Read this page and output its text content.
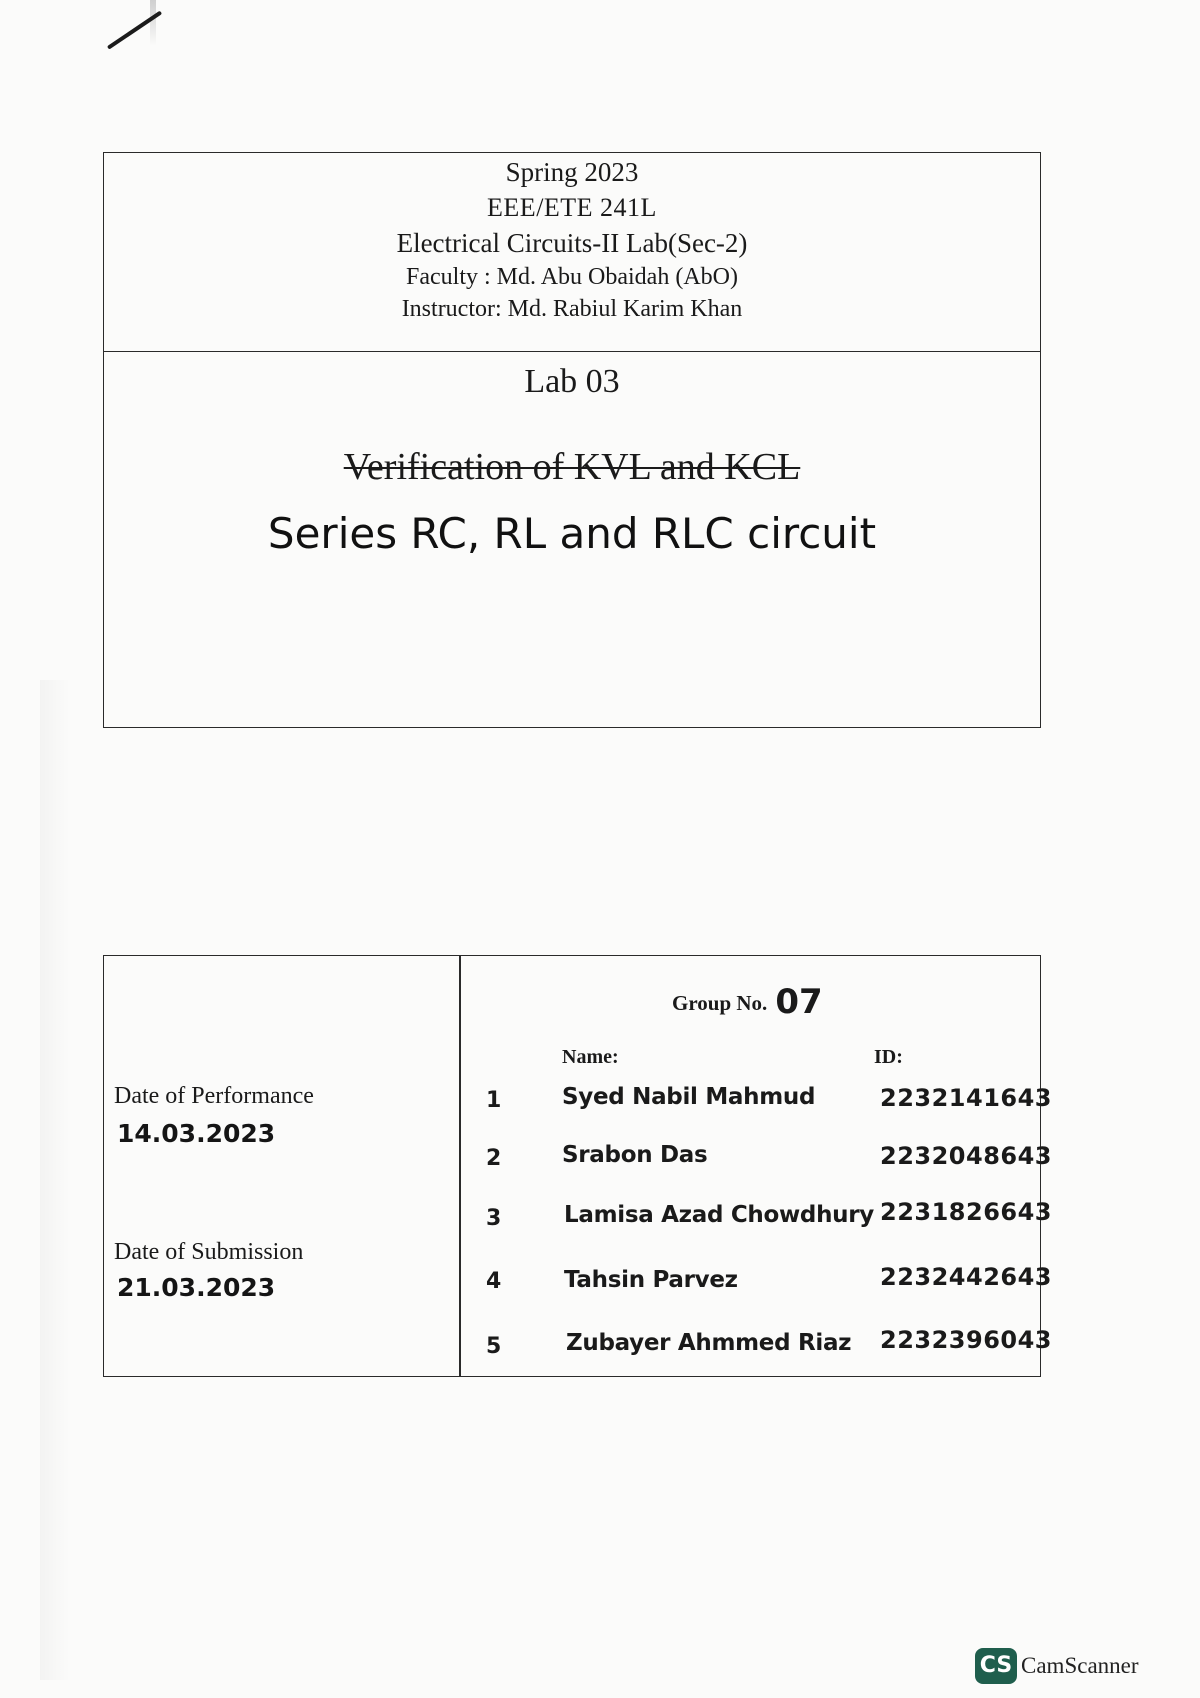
Spring 2023
EEE/ETE 241L
Electrical Circuits-II Lab(Sec-2)
Faculty : Md. Abu Obaidah (AbO)
Instructor: Md. Rabiul Karim Khan
Lab 03
Verification of KVL and KCL
Series RC, RL and RLC circuit
Date of Performance
14.03.2023
Date of Submission
21.03.2023
Group No. 07
Name:	ID:
1	Syed Nabil Mahmud	2232141643
2	Srabon Das	2232048643
3	Lamisa Azad Chowdhury 2231826643
4	Tahsin Parvez	2232442643
5	Zubayer Ahmmed Riaz 2232396043
CS CamScanner
